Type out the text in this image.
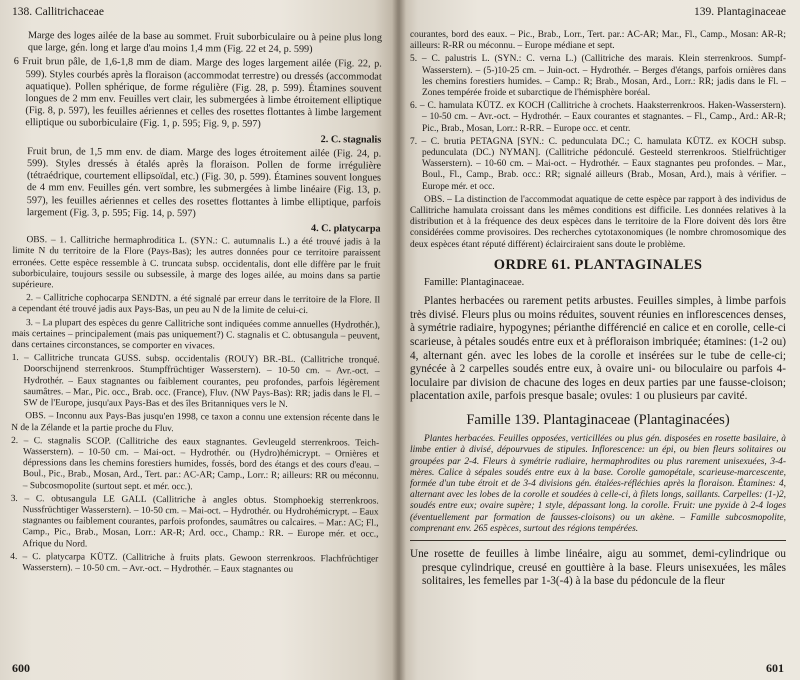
138. Callitrichaceae

Marge des loges ailée de la base au sommet. Fruit suborbiculaire ou à peine plus long que large, gén. long et large d'au moins 1,4 mm (Fig. 22 et 24, p. 599)

6 Fruit brun pâle, de 1,6-1,8 mm de diam. Marge des loges largement ailée (Fig. 22, p. 599). Styles courbés après la floraison (accommodat terrestre) ou dressés (accommodat aquatique). Pollen sphérique, de forme régulière (Fig. 28, p. 599). Étamines souvent longues de 2 mm env. Feuilles vert clair, les submergées à limbe étroitement elliptique (Fig. 8, p. 597), les feuilles aériennes et celles des rosettes flottantes à limbe largement elliptique ou suborbiculaire (Fig. 1, p. 595; Fig. 9, p. 597)

2. C. stagnalis

Fruit brun, de 1,5 mm env. de diam. Marge des loges étroitement ailée (Fig. 24, p. 599). Styles dressés à étalés après la floraison. Pollen de forme irrégulière (tétraédrique, courtement ellipsoïdal, etc.) (Fig. 30, p. 599). Étamines souvent longues de 4 mm env. Feuilles gén. vert sombre, les submergées à limbe linéaire (Fig. 13, p. 597), les feuilles aériennes et celles des rosettes flottantes à limbe elliptique, parfois largement (Fig. 3, p. 595; Fig. 14, p. 597)

4. C. platycarpa

OBS. – 1. Callitriche hermaphroditica L. (SYN.: C. autumnalis L.) a été trouvé jadis à la limite N du territoire de la Flore (Pays-Bas); les autres données pour ce territoire paraissent erronées. Cette espèce ressemble à C. truncata subsp. occidentalis, dont elle diffère par le fruit suborbiculaire, toujours sessile ou subsessile, à marge des loges ailée, au moins dans sa partie supérieure.

2. – Callitriche cophocarpa SENDTN. a été signalé par erreur dans le territoire de la Flore. Il a cependant été trouvé jadis aux Pays-Bas, un peu au N de la limite de celui-ci.

3. – La plupart des espèces du genre Callitriche sont indiquées comme annuelles (Hydrothér.), mais certaines – principalement (mais pas uniquement?) C. stagnalis et C. obtusangula – peuvent, dans certaines circonstances, se comporter en vivaces.

1. – Callitriche truncata GUSS. subsp. occidentalis (ROUY) BR.-BL. (Callitriche tronqué. Doorschijnend sterrenkroos. Stumpffrüchtiger Wasserstern). – 10-50 cm. – Avr.-oct. – Hydrothér. – Eaux stagnantes ou faiblement courantes, peu profondes, parfois légèrement saumâtres. – Mar., Pic. occ., Brab. occ. (France), Fluv. (NW Pays-Bas): RR; jadis dans le Fl. – SW de l'Europe, jusqu'aux Pays-Bas et des îles Britanniques vers le N.

OBS. – Inconnu aux Pays-Bas jusqu'en 1998, ce taxon a connu une extension récente dans le N de la Zélande et la partie proche du Fluv.

2. – C. stagnalis SCOP. (Callitriche des eaux stagnantes. Gevleugeld sterrenkroos. Teich-Wasserstern). – 10-50 cm. – Mai-oct. – Hydrothér. ou (Hydro)hémicrypt. – Ornières et dépressions dans les chemins forestiers humides, fossés, bord des étangs et des cours d'eau. – Boul., Pic., Brab., Mosan, Ard., Tert. par.: AC-AR; Camp., Lorr.: R; ailleurs: RR ou méconnu. – Subcosmopolite (surtout sept. et mér. occ.).

3. – C. obtusangula LE GALL (Callitriche à angles obtus. Stomphoekig sterrenkroos. Nussfrüchtiger Wasserstern). – 10-50 cm. – Mai-oct. – Hydrothér. ou Hydrohémicrypt. – Eaux stagnantes ou faiblement courantes, parfois profondes, saumâtres ou calcaires. – Mar.: AC; Fl., Camp., Pic., Brab., Mosan, Lorr.: AR-R; Ard. occ., Champ.: RR. – Europe mér. et occ., Afrique du Nord.

4. – C. platycarpa KÜTZ. (Callitriche à fruits plats. Gewoon sterrenkroos. Flachfrüchtiger Wasserstern). – 10-50 cm. – Avr.-oct. – Hydrothér. – Eaux stagnantes ou

600
139. Plantaginaceae

courantes, bord des eaux. – Pic., Brab., Lorr., Tert. par.: AC-AR; Mar., Fl., Camp., Mosan: AR-R; ailleurs: R-RR ou méconnu. – Europe médiane et sept.

5. – C. palustris L. (SYN.: C. verna L.) (Callitriche des marais. Klein sterrenkroos. Sumpf-Wasserstern). – (5-)10-25 cm. – Juin-oct. – Hydrothér. – Berges d'étangs, parfois ornières dans les chemins forestiers humides. – Camp.: R; Brab., Mosan, Ard., Lorr.: RR; jadis dans le Fl. – Zones tempérée froide et subarctique de l'hémisphère boréal.

6. – C. hamulata KÜTZ. ex KOCH (Callitriche à crochets. Haaksterrenkroos. Haken-Wasserstern). – 10-50 cm. – Avr.-oct. – Hydrothér. – Eaux courantes et stagnantes. – Fl., Camp., Ard.: AR-R; Pic., Brab., Mosan, Lorr.: R-RR. – Europe occ. et centr.

7. – C. brutia PETAGNA [SYN.: C. pedunculata DC.; C. hamulata KÜTZ. ex KOCH subsp. pedunculata (DC.) NYMAN]. (Callitriche pédonculé. Gesteeld sterrenkroos. Stielfrüchtiger Wasserstern). – 10-60 cm. – Mai-oct. – Hydrothér. – Eaux stagnantes peu profondes. – Mar., Boul., Fl., Camp., Brab. occ.: RR; signalé ailleurs (Brab., Mosan, Ard.), mais à vérifier. – Europe mér. et occ.

OBS. – La distinction de l'accommodat aquatique de cette espèce par rapport à des individus de Callitriche hamulata croissant dans les mêmes conditions est difficile. Les données relatives à la distribution et à la fréquence des deux espèces dans le territoire de la Flore doivent dès lors être considérées comme provisoires. Des recherches cytotaxonomiques (le nombre chromosomique des deux espèces étant réputé différent) éclairciraient sans doute le problème.

ORDRE 61. PLANTAGINALES

Famille: Plantaginaceae.

Plantes herbacées ou rarement petits arbustes. Feuilles simples, à limbe parfois très divisé. Fleurs plus ou moins réduites, souvent réunies en inflorescences denses, à symétrie radiaire, hypogynes; périanthe différencié en calice et en corolle, celle-ci scarieuse, à pétales soudés entre eux et à préfloraison imbriquée; étamines: (1-2 ou) 4, alternant gén. avec les lobes de la corolle et insérées sur le tube de celle-ci; gynécée à 2 carpelles soudés entre eux, à ovaire uni- ou biloculaire ou parfois 4-loculaire par division de chacune des loges en deux parties par une fausse-cloison; placentation axile, parfois presque basale; ovules: 1 ou plusieurs par cavité.

Famille 139. Plantaginaceae (Plantaginacées)

Plantes herbacées. Feuilles opposées, verticillées ou plus gén. disposées en rosette basilaire, à limbe entier à divisé, dépourvues de stipules. Inflorescence: un épi, ou bien fleurs solitaires ou groupées par 2-4. Fleurs à symétrie radiaire, hermaphrodites ou plus rarement unisexuées, 3-4-mères. Calice à sépales soudés entre eux à la base. Corolle gamopétale, scarieuse-marcescente, formée d'un tube étroit et de 3-4 divisions gén. étalées-réfléchies après la floraison. Étamines: 4, alternant avec les lobes de la corolle et soudées à celle-ci, à filets longs, saillants. Carpelles: (1-)2, soudés entre eux; ovaire supère; 1 style, dépassant long. la corolle. Fruit: une pyxide à 2-4 loges (éventuellement par formation de fausses-cloisons) ou un akène. – Famille subcosmopolite, comprenant env. 265 espèces, surtout des régions tempérées.

Une rosette de feuilles à limbe linéaire, aigu au sommet, demi-cylindrique ou presque cylindrique, creusé en gouttière à la base. Fleurs unisexuées, les mâles solitaires, les femelles par 1-3(-4) à la base du pédoncule de la fleur

601
